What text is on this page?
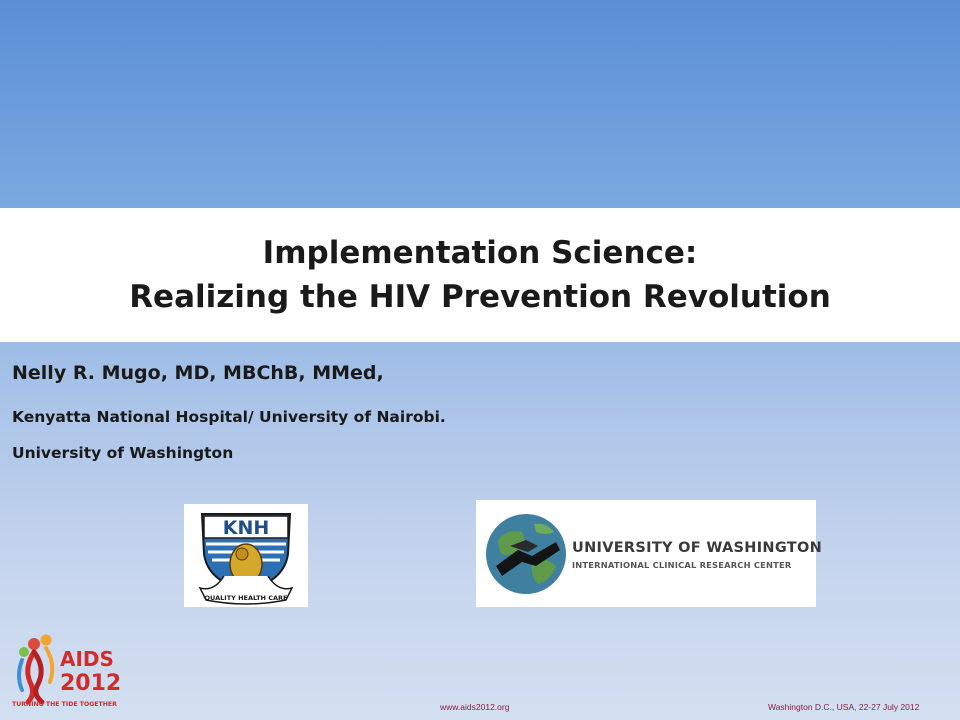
Implementation Science:
Realizing the HIV Prevention Revolution
Nelly R. Mugo, MD, MBChB, MMed,
Kenyatta National Hospital/ University of Nairobi.
University of Washington
KNH
QUALITY HEALTH CARE
UNIVERSITY OF WASHINGTON
INTERNATIONAL CLINICAL RESEARCH CENTER
AIDS
2012
TURNING THE TIDE TOGETHER	www.aids2012.org	Washington D.C., USA, 22-27 July 2012
